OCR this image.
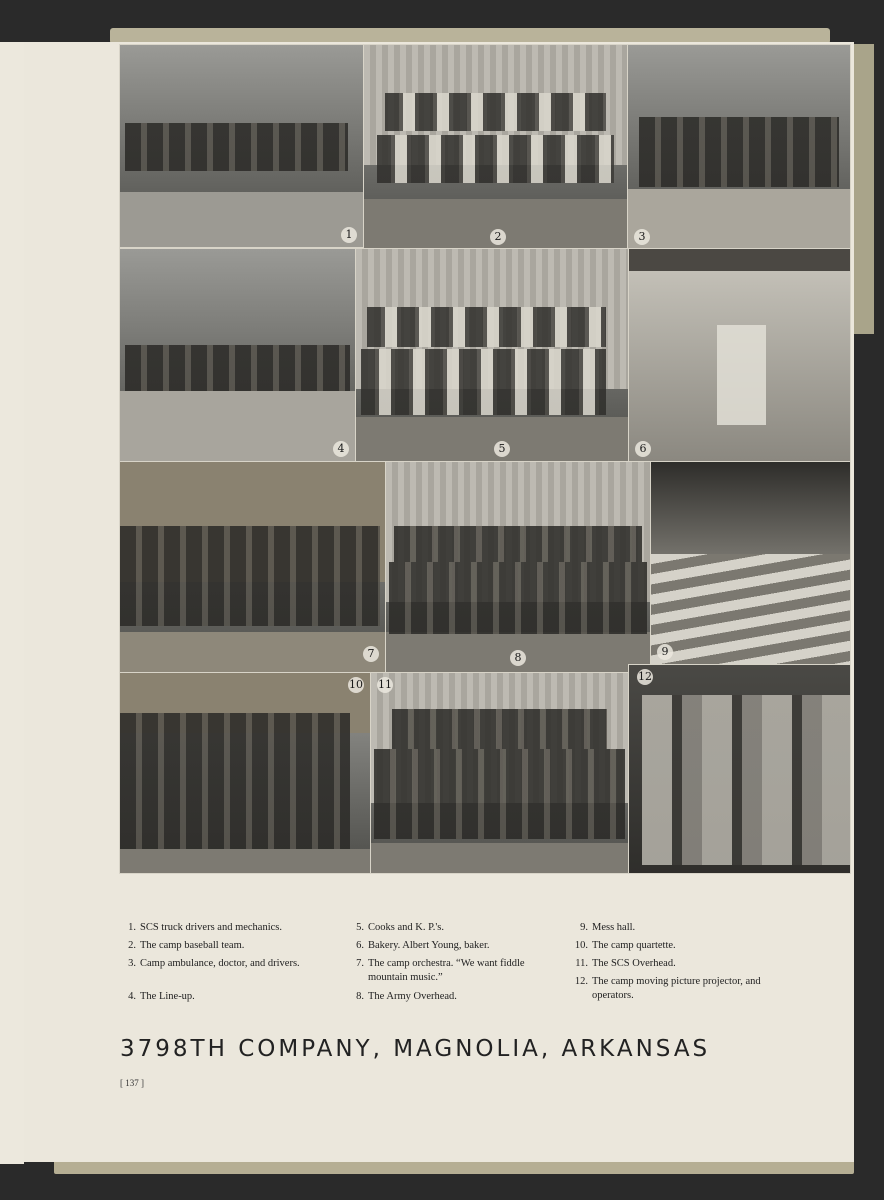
1	2	3
4	5	6
7	8	9
10 11
12
1. SCS truck drivers and mechanics.
2. The camp baseball team.
3. Camp ambulance, doctor, and drivers.
4. The Line-up.
5. Cooks and K. P.'s.
6. Bakery. Albert Young, baker.
7. The camp orchestra. “We want fiddle mountain music.”
8. The Army Overhead.
9. Mess hall.
10. The camp quartette.
11. The SCS Overhead.
12. The camp moving picture projector, and operators.
3798TH COMPANY, MAGNOLIA, ARKANSAS
[ 137 ]
